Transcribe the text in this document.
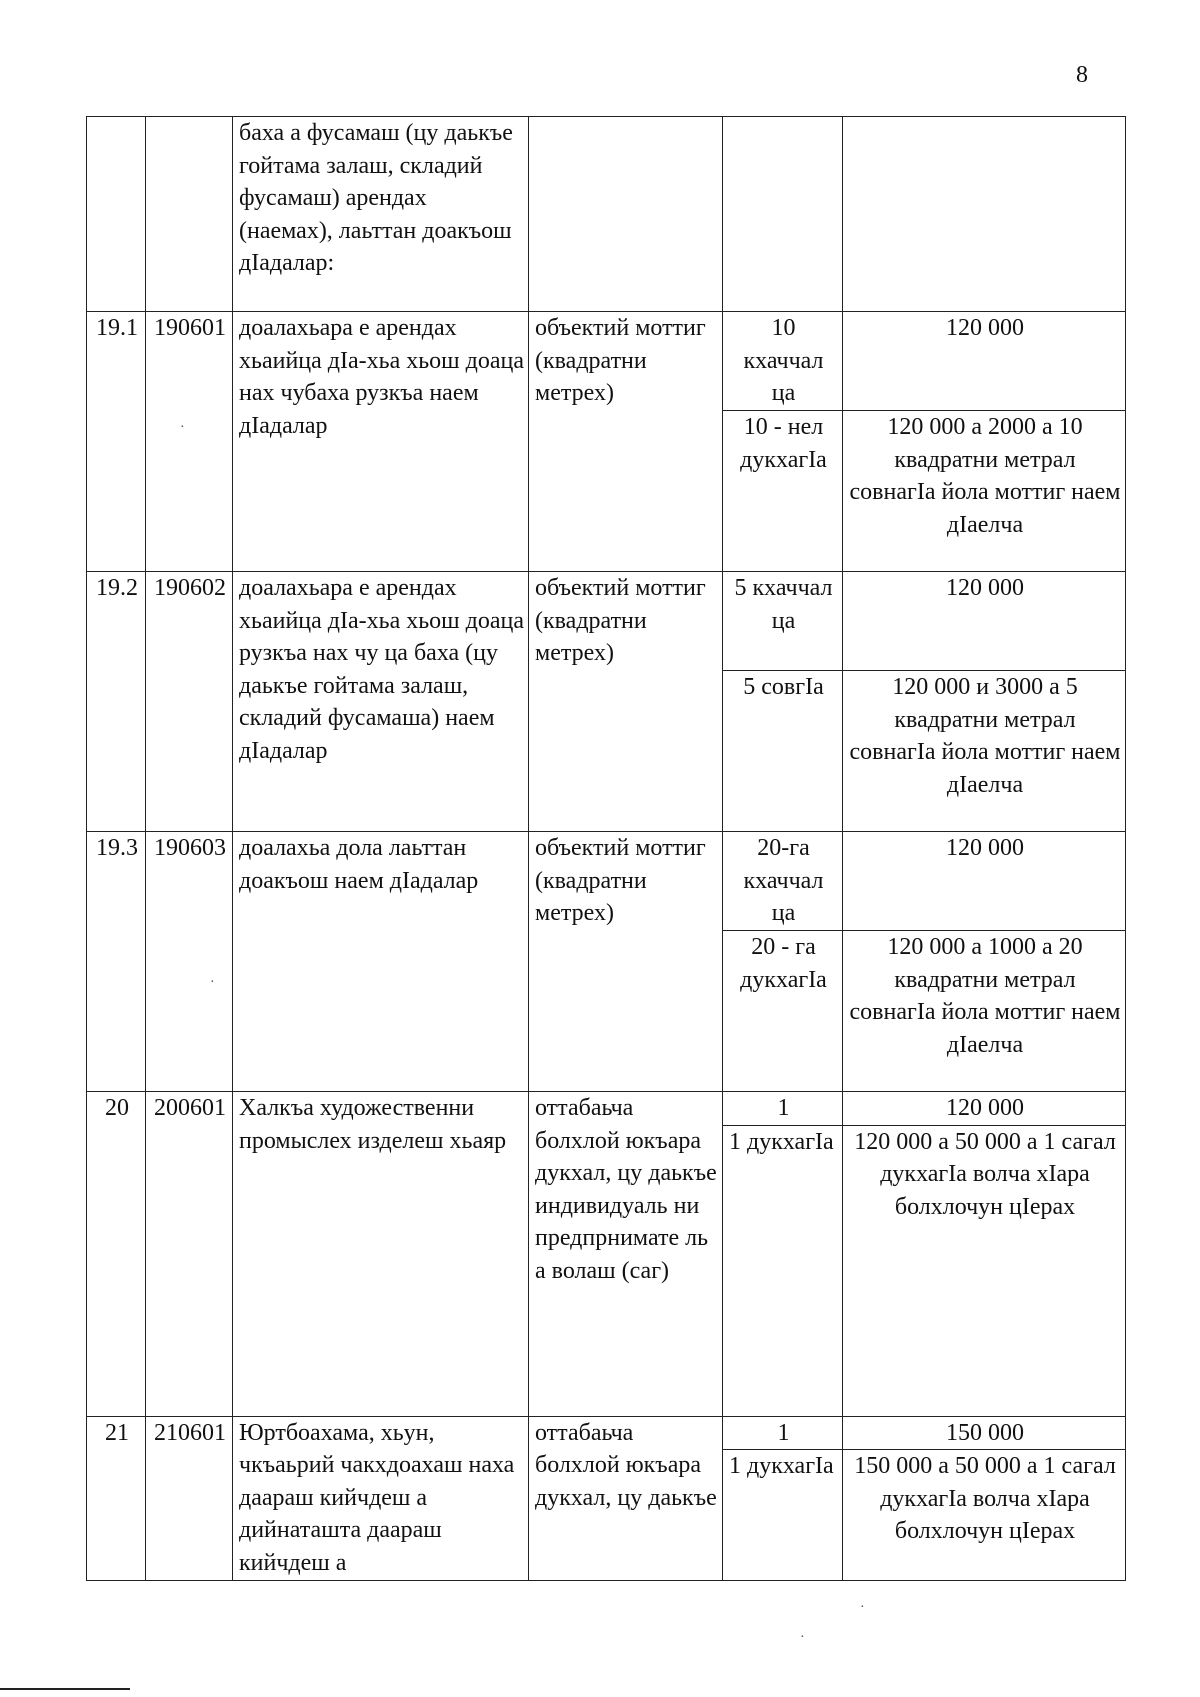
8
		баха а фусамаш (цу даькъе гойтама залаш, складий фусамаш) арендах (наемах), лаьттан доакъош дIадалар:			
19.1	190601	доалахьара е арендах хьаийца дIа-хьа хьош доаца нах чубаха рузкъа наем дIадалар	объектий моттиг (квадратни метрех)	10 кхаччал ца	120 000
				10 - нел дукхагIа	120 000 а 2000 а 10 квадратни метрал совнагIа йола моттиг наем дIаелча
19.2	190602	доалахьара е арендах хьаийца дIа-хьа хьош доаца рузкъа нах чу ца баха (цу даькъе гойтама залаш, складий фусамаша) наем дIадалар	объектий моттиг (квадратни метрех)	5 кхаччал ца	120 000
				5 совгIа	120 000 и 3000 а 5 квадратни метрал совнагIа йола моттиг наем дIаелча
19.3	190603	доалахьа дола лаьттан доакъош наем дIадалар	объектий моттиг (квадратни метрех)	20-га кхаччал ца	120 000
				20 - га дукхагIа	120 000 а 1000 а 20 квадратни метрал совнагIа йола моттиг наем дIаелча
20	200601	Халкъа художественни промыслех изделеш хьаяр	оттабаьча болхлой юкъара дукхал, цу даькъе индивидуаль ни предпрнимате ль а волаш (саг)	1	120 000
				1 дукхагIа	120 000 а 50 000 а 1 сагал дукхагIа волча хIара болхлочун цIерах
21	210601	Юртбоахама, хьун, чкъаьрий чакхдоахаш наха дaараш кийчдеш а дийнаташта дaараш кийчдеш а	оттабаьча болхлой юкъара дукхал, цу даькъе	1	150 000
				1 дукхагIа	150 000 а 50 000 а 1 сагал дукхагIа волча хIара болхлочун цIерах
·
·
·
·
